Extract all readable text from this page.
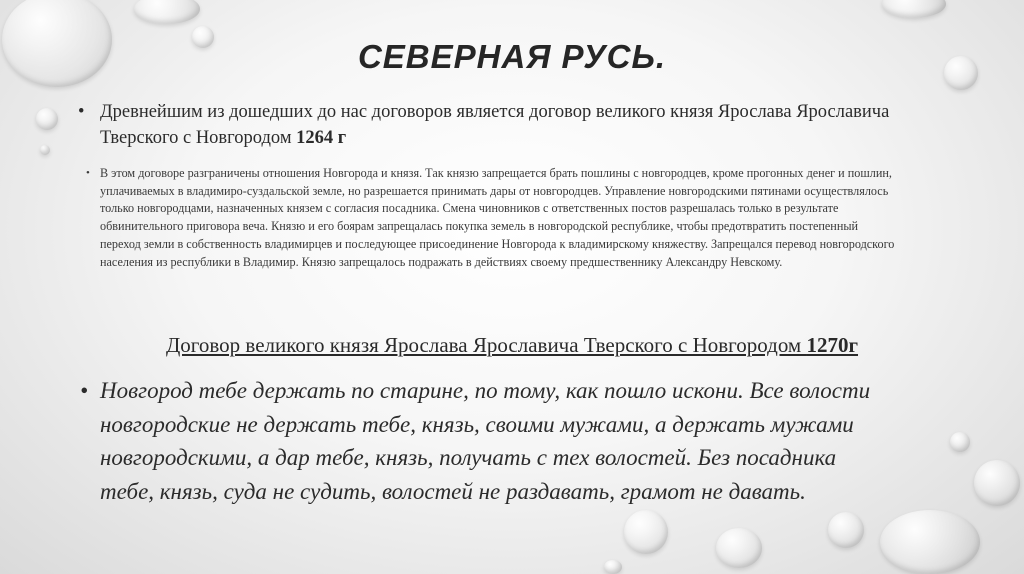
СЕВЕРНАЯ РУСЬ.
• Древнейшим из дошедших до нас договоров является договор великого князя Ярослава Ярославича Тверского с Новгородом 1264 г
• В этом договоре разграничены отношения Новгорода и князя. Так князю запрещается брать пошлины с новгородцев, кроме прогонных денег и пошлин, уплачиваемых в владимиро-суздальской земле, но разрешается принимать дары от новгородцев. Управление новгородскими пятинами осуществлялось только новгородцами, назначенных князем с согласия посадника. Смена чиновников с ответственных постов разрешалась только в результате обвинительного приговора веча. Князю и его боярам запрещалась покупка земель в новгородской республике, чтобы предотвратить постепенный переход земли в собственность владимирцев и последующее присоединение Новгорода к владимирскому княжеству. Запрещался перевод новгородского населения из республики в Владимир. Князю запрещалось подражать в действиях своему предшественнику Александру Невскому.
Договор великого князя Ярослава Ярославича Тверского с Новгородом 1270г
• Новгород тебе держать по старине, по тому, как пошло искони. Все волости новгородские не держать тебе, князь, своими мужами, а держать мужами новгородскими, а дар тебе, князь, получать с тех волостей. Без посадника тебе, князь, суда не судить, волостей не раздавать, грамот не давать.
